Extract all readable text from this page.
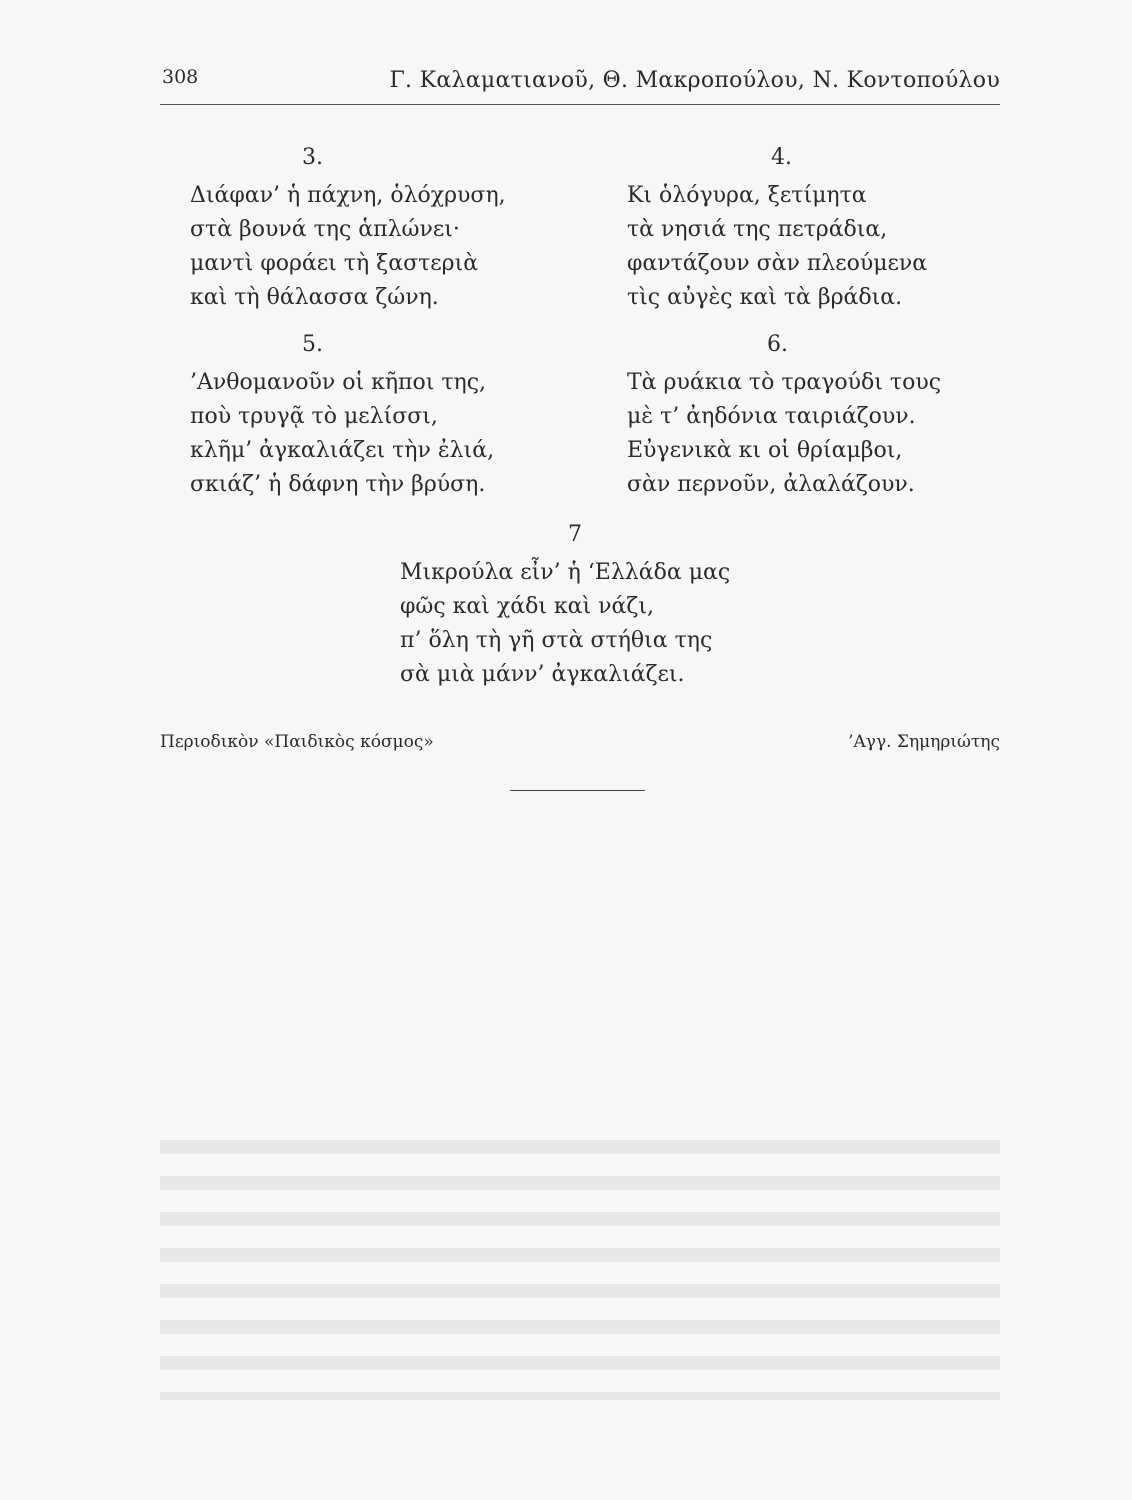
308	Γ. Καλαματιανοῦ, Θ. Μακροπούλου, Ν. Κοντοπούλου
3.
Διάφαν’ ἡ πάχνη, ὁλόχρυση,
στὰ βουνά της ἁπλώνει·
μαντὶ φοράει τὴ ξαστεριὰ
καὶ τὴ θάλασσα ζώνη.
4.
Κι ὁλόγυρα, ξετίμητα
τὰ νησιά της πετράδια,
φαντάζουν σὰν πλεούμενα
τὶς αὐγὲς καὶ τὰ βράδια.
5.
’Ανθομανοῦν οἱ κῆποι της,
ποὺ τρυγᾷ τὸ μελίσσι,
κλῆμ’ ἀγκαλιάζει τὴν ἐλιά,
σκιάζ’ ἡ δάφνη τὴν βρύση.
6.
Τὰ ρυάκια τὸ τραγούδι τους
μὲ τ’ ἀηδόνια ταιριάζουν.
Εὐγενικὰ κι οἱ θρίαμβοι,
σὰν περνοῦν, ἀλαλάζουν.
7
Μικρούλα εἶν’ ἡ ‘Ελλάδα μας
φῶς καὶ χάδι καὶ νάζι,
π’ ὅλη τὴ γῆ στὰ στήθια της
σὰ μιὰ μάνν’ ἀγκαλιάζει.
Περιοδικὸν «Παιδικὸς κόσμος»	’Αγγ. Σημηριώτης
